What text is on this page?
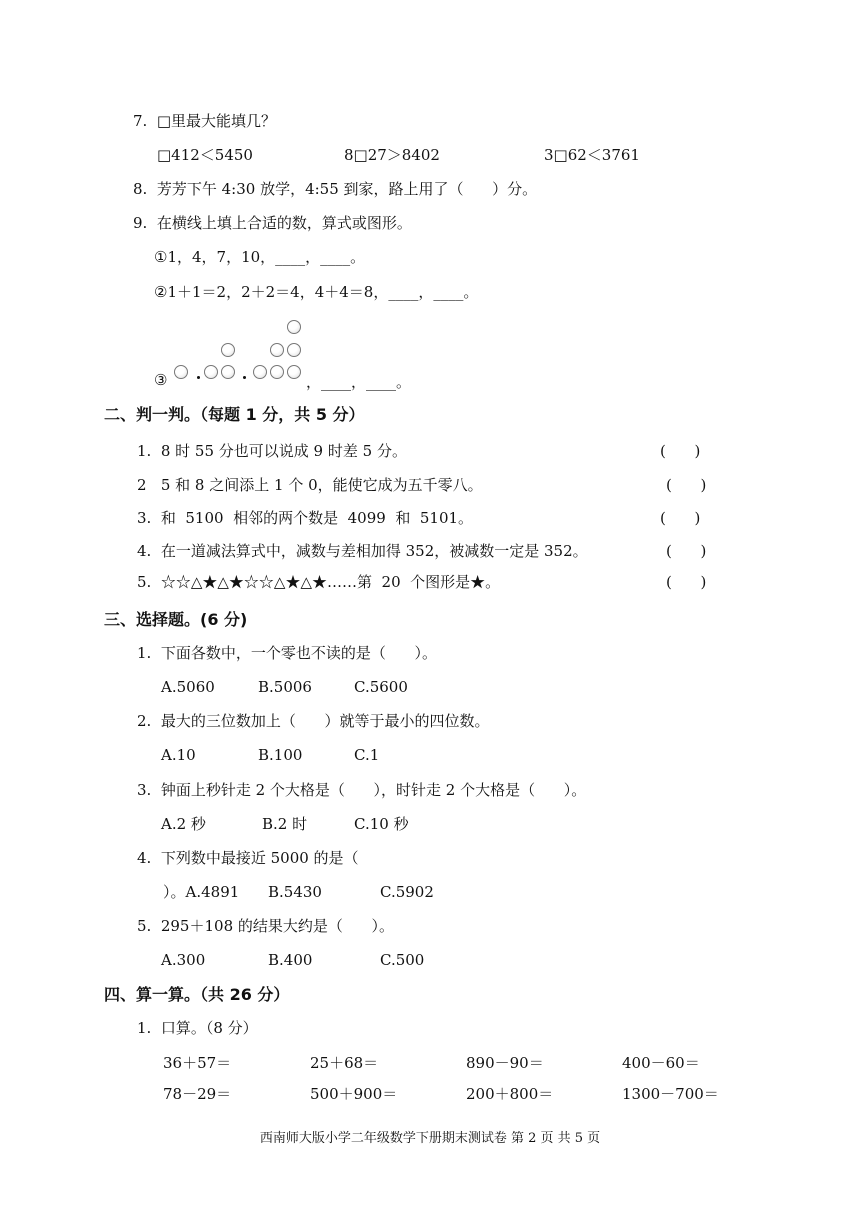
7.  □里最大能填几？
□412＜5450	8□27＞8402	3□62＜3761
8.  芳芳下午 4:30 放学，4:55 到家，路上用了（      ）分。
9.  在横线上填上合适的数，算式或图形。
①1，4，7，10，____，____。
②1＋1＝2，2＋2＝4，4＋4＝8，____，____。
③	，____，____。
二、判一判。（每题 1 分，共 5 分）
1.  8 时 55 分也可以说成 9 时差 5 分。	(      )
2   5 和 8 之间添上 1 个 0，能使它成为五千零八。	(      )
3.  和  5100  相邻的两个数是  4099  和  5101。	(      )
4.  在一道减法算式中，减数与差相加得 352，被减数一定是 352。	(      )
5.  ☆☆△★△★☆☆△★△★……第  20  个图形是★。	(      )
三、选择题。(6 分)
1.  下面各数中，一个零也不读的是（      ）。
A.5060	B.5006	C.5600
2.  最大的三位数加上（      ）就等于最小的四位数。
A.10	B.100	C.1
3.  钟面上秒针走 2 个大格是（      ），时针走 2 个大格是（      ）。
A.2 秒	B.2 时	C.10 秒
4.  下列数中最接近 5000 的是（
）。A.4891 B.5430	C.5902
5.  295＋108 的结果大约是（      ）。
A.300	B.400	C.500
四、算一算。（共 26 分）
1.  口算。（8 分）
36＋57＝	25＋68＝	890－90＝	400－60＝
78－29＝	500＋900＝	200＋800＝	1300－700＝
西南师大版小学二年级数学下册期末测试卷 第 2 页 共 5 页
